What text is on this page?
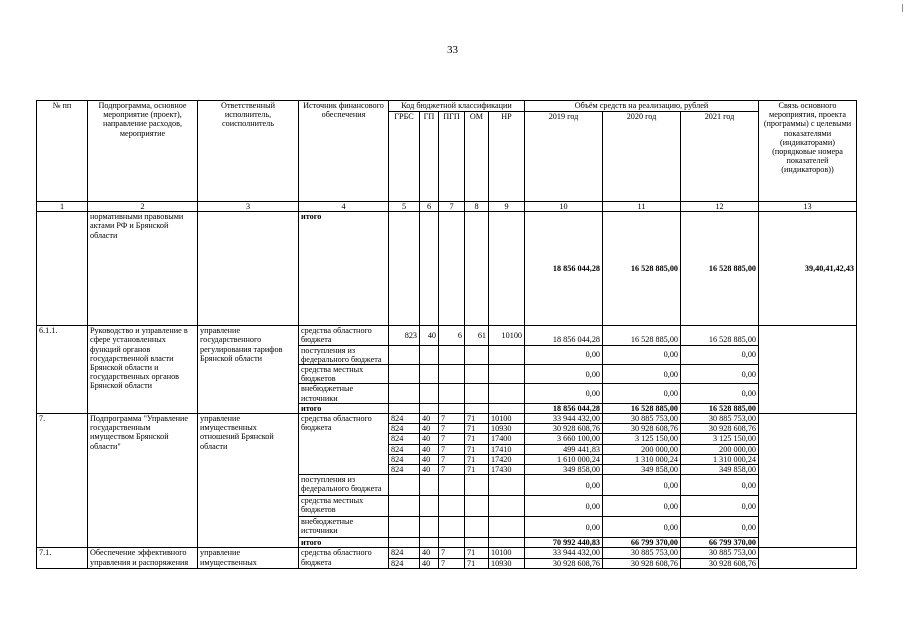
33
№ пп	Подпрограмма, основное мероприятие (проект), направление расходов, мероприятие	Ответственный исполнитель, соисполнитель	Источник финансового обеспечения	Код бюджетной классификации					Объём средств на реализацию, рублей			Связь основного мероприятия, проекта (программы) с целевыми показателями (индикаторами) (порядковые номера показателей (индикаторов))
				ГРБС	ГП	ПГП	ОМ	НР	2019 год	2020 год	2021 год	
1	2	3	4	5	6	7	8	9	10	11	12	13
	нормативными правовыми актами РФ и Брянской области		итого						18 856 044,28	16 528 885,00	16 528 885,00	39,40,41,42,43
6.1.1.	Руководство и управление в сфере установленных функций органов государственной власти Брянской области и государственных органов Брянской области	управление государственного регулирования тарифов Брянской области	средства областного бюджета	823	40	6	61	10100	18 856 044,28	16 528 885,00	16 528 885,00	
			поступления из федерального бюджета						0,00	0,00	0,00	
			средства местных бюджетов						0,00	0,00	0,00	
			внебюджетные источники						0,00	0,00	0,00	
			итого						18 856 044,28	16 528 885,00	16 528 885,00	
7.	Подпрограмма "Управление государственным имуществом Брянской области"	управление имущественных отношений Брянской области	средства областного бюджета	824	40	7	71	10100	33 944 432,00	30 885 753,00	30 885 753,00	
				824	40	7	71	10930	30 928 608,76	30 928 608,76	30 928 608,76	
				824	40	7	71	17400	3 660 100,00	3 125 150,00	3 125 150,00	
				824	40	7	71	17410	499 441,83	200 000,00	200 000,00	
				824	40	7	71	17420	1 610 000,24	1 310 000,24	1 310 000,24	
				824	40	7	71	17430	349 858,00	349 858,00	349 858,00	
			поступления из федерального бюджета						0,00	0,00	0,00	
			средства местных бюджетов						0,00	0,00	0,00	
			внебюджетные источники						0,00	0,00	0,00	
			итого						70 992 440,83	66 799 370,00	66 799 370,00	
7.1.	Обеспечение эффективного управления и распоряжения	управление имущественных	средства областного бюджета	824	40	7	71	10100	33 944 432,00	30 885 753,00	30 885 753,00	
				824	40	7	71	10930	30 928 608,76	30 928 608,76	30 928 608,76	
